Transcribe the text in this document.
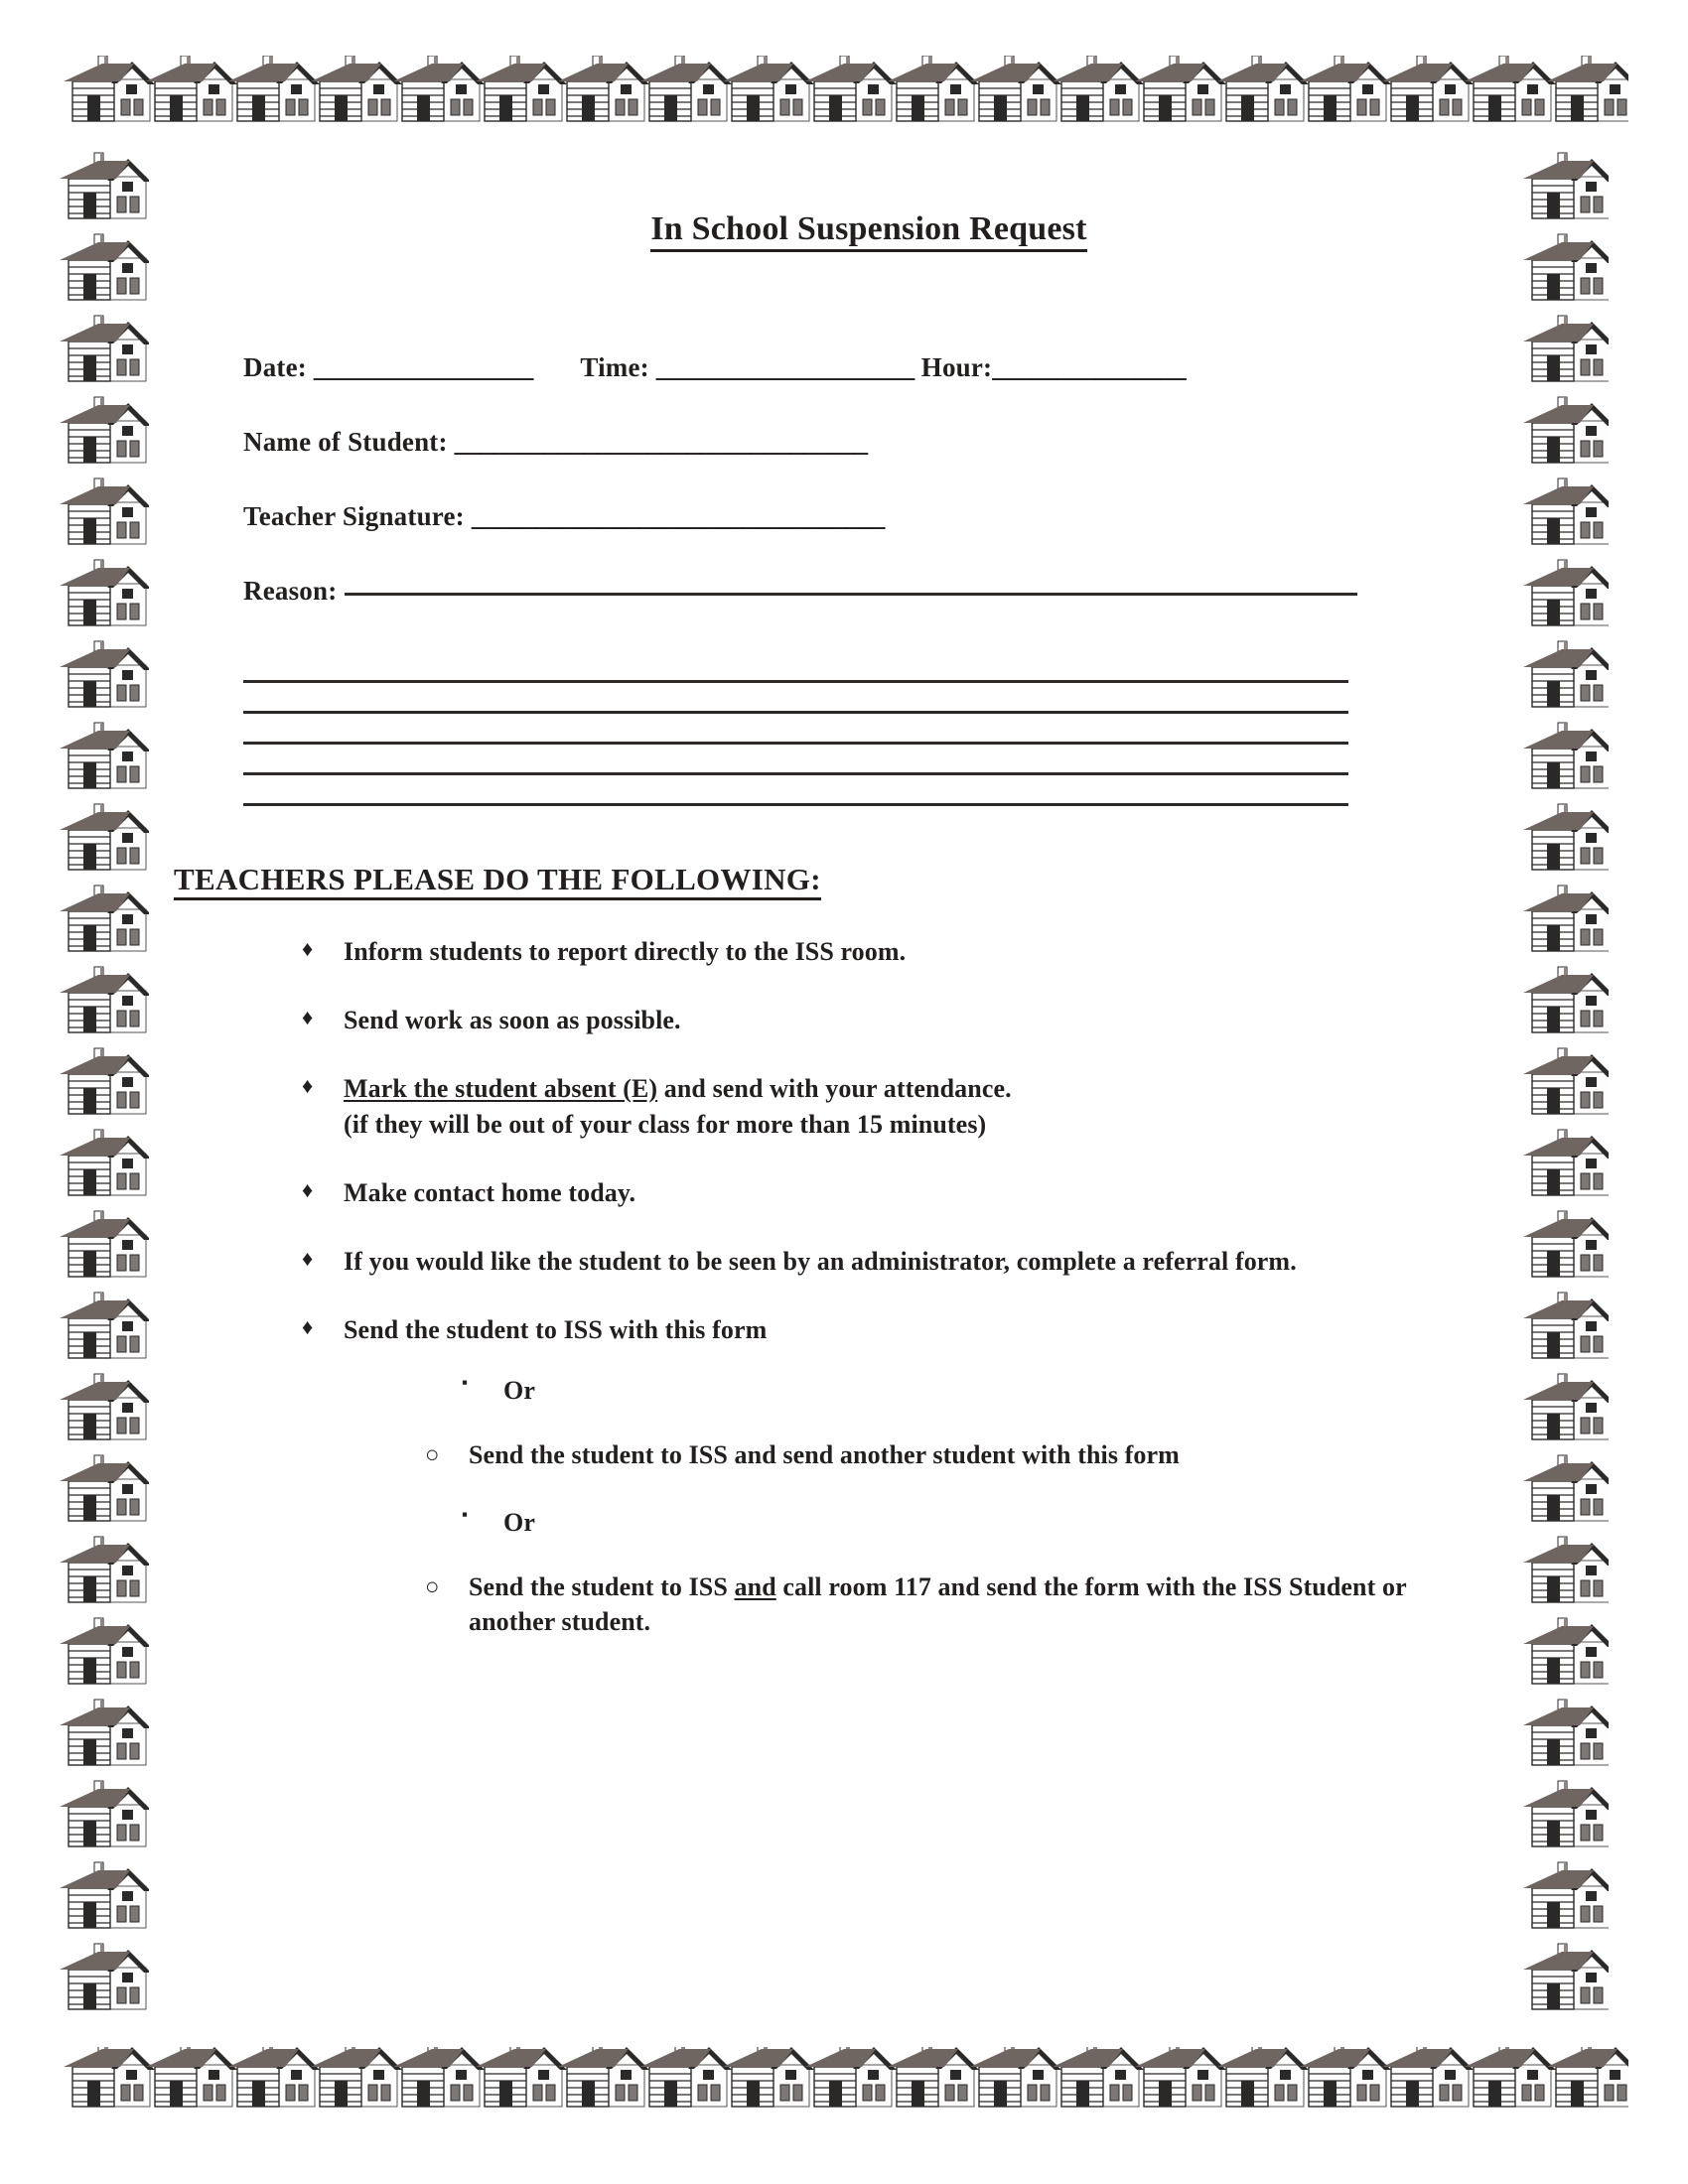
In School Suspension Request
Date: _________________ Time: ____________________ Hour:_______________
Name of Student: ________________________________
Teacher Signature: ________________________________
Reason:
TEACHERS PLEASE DO THE FOLLOWING:
♦ Inform students to report directly to the ISS room.
♦ Send work as soon as possible.
♦ Mark the student absent (E) and send with your attendance.
(if they will be out of your class for more than 15 minutes)
♦ Make contact home today.
♦ If you would like the student to be seen by an administrator, complete a referral form.
♦ Send the student to ISS with this form
▪ Or
○ Send the student to ISS and send another student with this form
▪ Or
○ Send the student to ISS and call room 117 and send the form with the ISS Student or another student.
